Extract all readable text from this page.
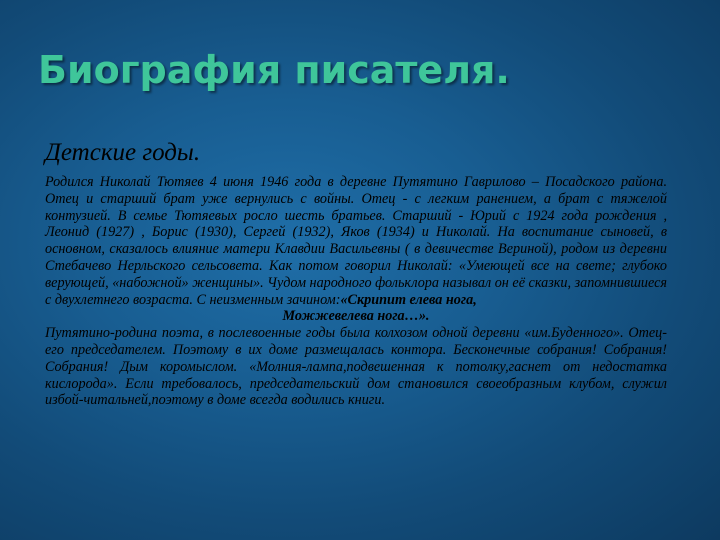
Биография писателя.
Детские годы.

Родился Николай Тютяев 4 июня 1946 года в деревне Путятино Гаврилово – Посадского района. Отец и старший брат уже вернулись с войны. Отец - с легким ранением, а брат с тяжелой контузией. В семье Тютяевых росло шесть братьев. Старший - Юрий с 1924 года рождения , Леонид (1927) , Борис (1930), Сергей (1932), Яков (1934) и Николай. На воспитание сыновей, в основном, сказалось влияние матери Клавдии Васильевны ( в девичестве Вериной), родом из деревни Стебачево Нерльского сельсовета. Как потом говорил Николай: «Умеющей все на свете; глубоко верующей, «набожной» женщины». Чудом народного фольклора называл он её сказки, запомнившиеся с двухлетнего возраста. С неизменным зачином:«Скрипит елева нога,
Можжевелева нога…».

Путятино-родина поэта, в послевоенные годы была колхозом одной деревни «им.Буденного». Отец-его председателем. Поэтому в их доме размещалась контора. Бесконечные собрания! Собрания! Собрания! Дым коромыслом. «Молния-лампа,подвешенная к потолку,гаснет от недостатка кислорода». Если требовалось, председательский дом становился своеобразным клубом, служил избой-читальней,поэтому в доме всегда водились книги.
